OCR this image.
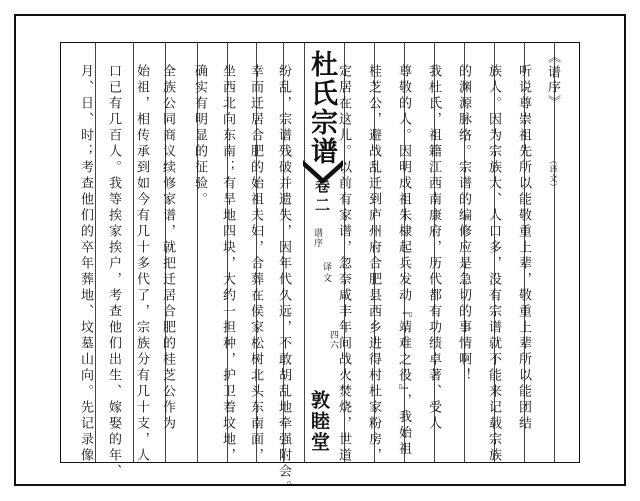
杜氏宗谱
卷二
谱序
译文
四六
敦睦堂
《谱序》
（译文）
听说尊崇祖先所以能敬重上辈，敬重上辈所以能团结
族人。因为宗族大、人口多，没有宗谱就不能来记载宗族
的渊源脉络。宗谱的编修应是急切的事情啊！
我杜氏，祖籍江西南康府，历代都有功绩卓著、受人
尊敬的人。因明成祖朱棣起兵发动『靖难之役』，我始祖
桂芝公，避战乱迁到庐州府合肥县西乡进得村杜家粉房，
定居在这儿。以前有家谱，忽奈咸丰年间战火焚烧，世道
纷乱，宗谱残破并遗失，因年代久远，不敢胡乱地牵强附会。
幸而迁居合肥的始祖夫妇，合葬在侯家松树北头东南面，
坐西北向东南；有旱地四块，大约一担种，护卫着坟地，
确实有明显的征验。
全族公同商议续修家谱，就把迁居合肥的桂芝公作为
始祖，相传承到如今有几十多代了，宗族分有几十支，人
口已有几百人。我等挨家挨户，考查他们出生、嫁娶的年、
月、日、时；考查他们的卒年葬地、坟墓山向。先记录像
